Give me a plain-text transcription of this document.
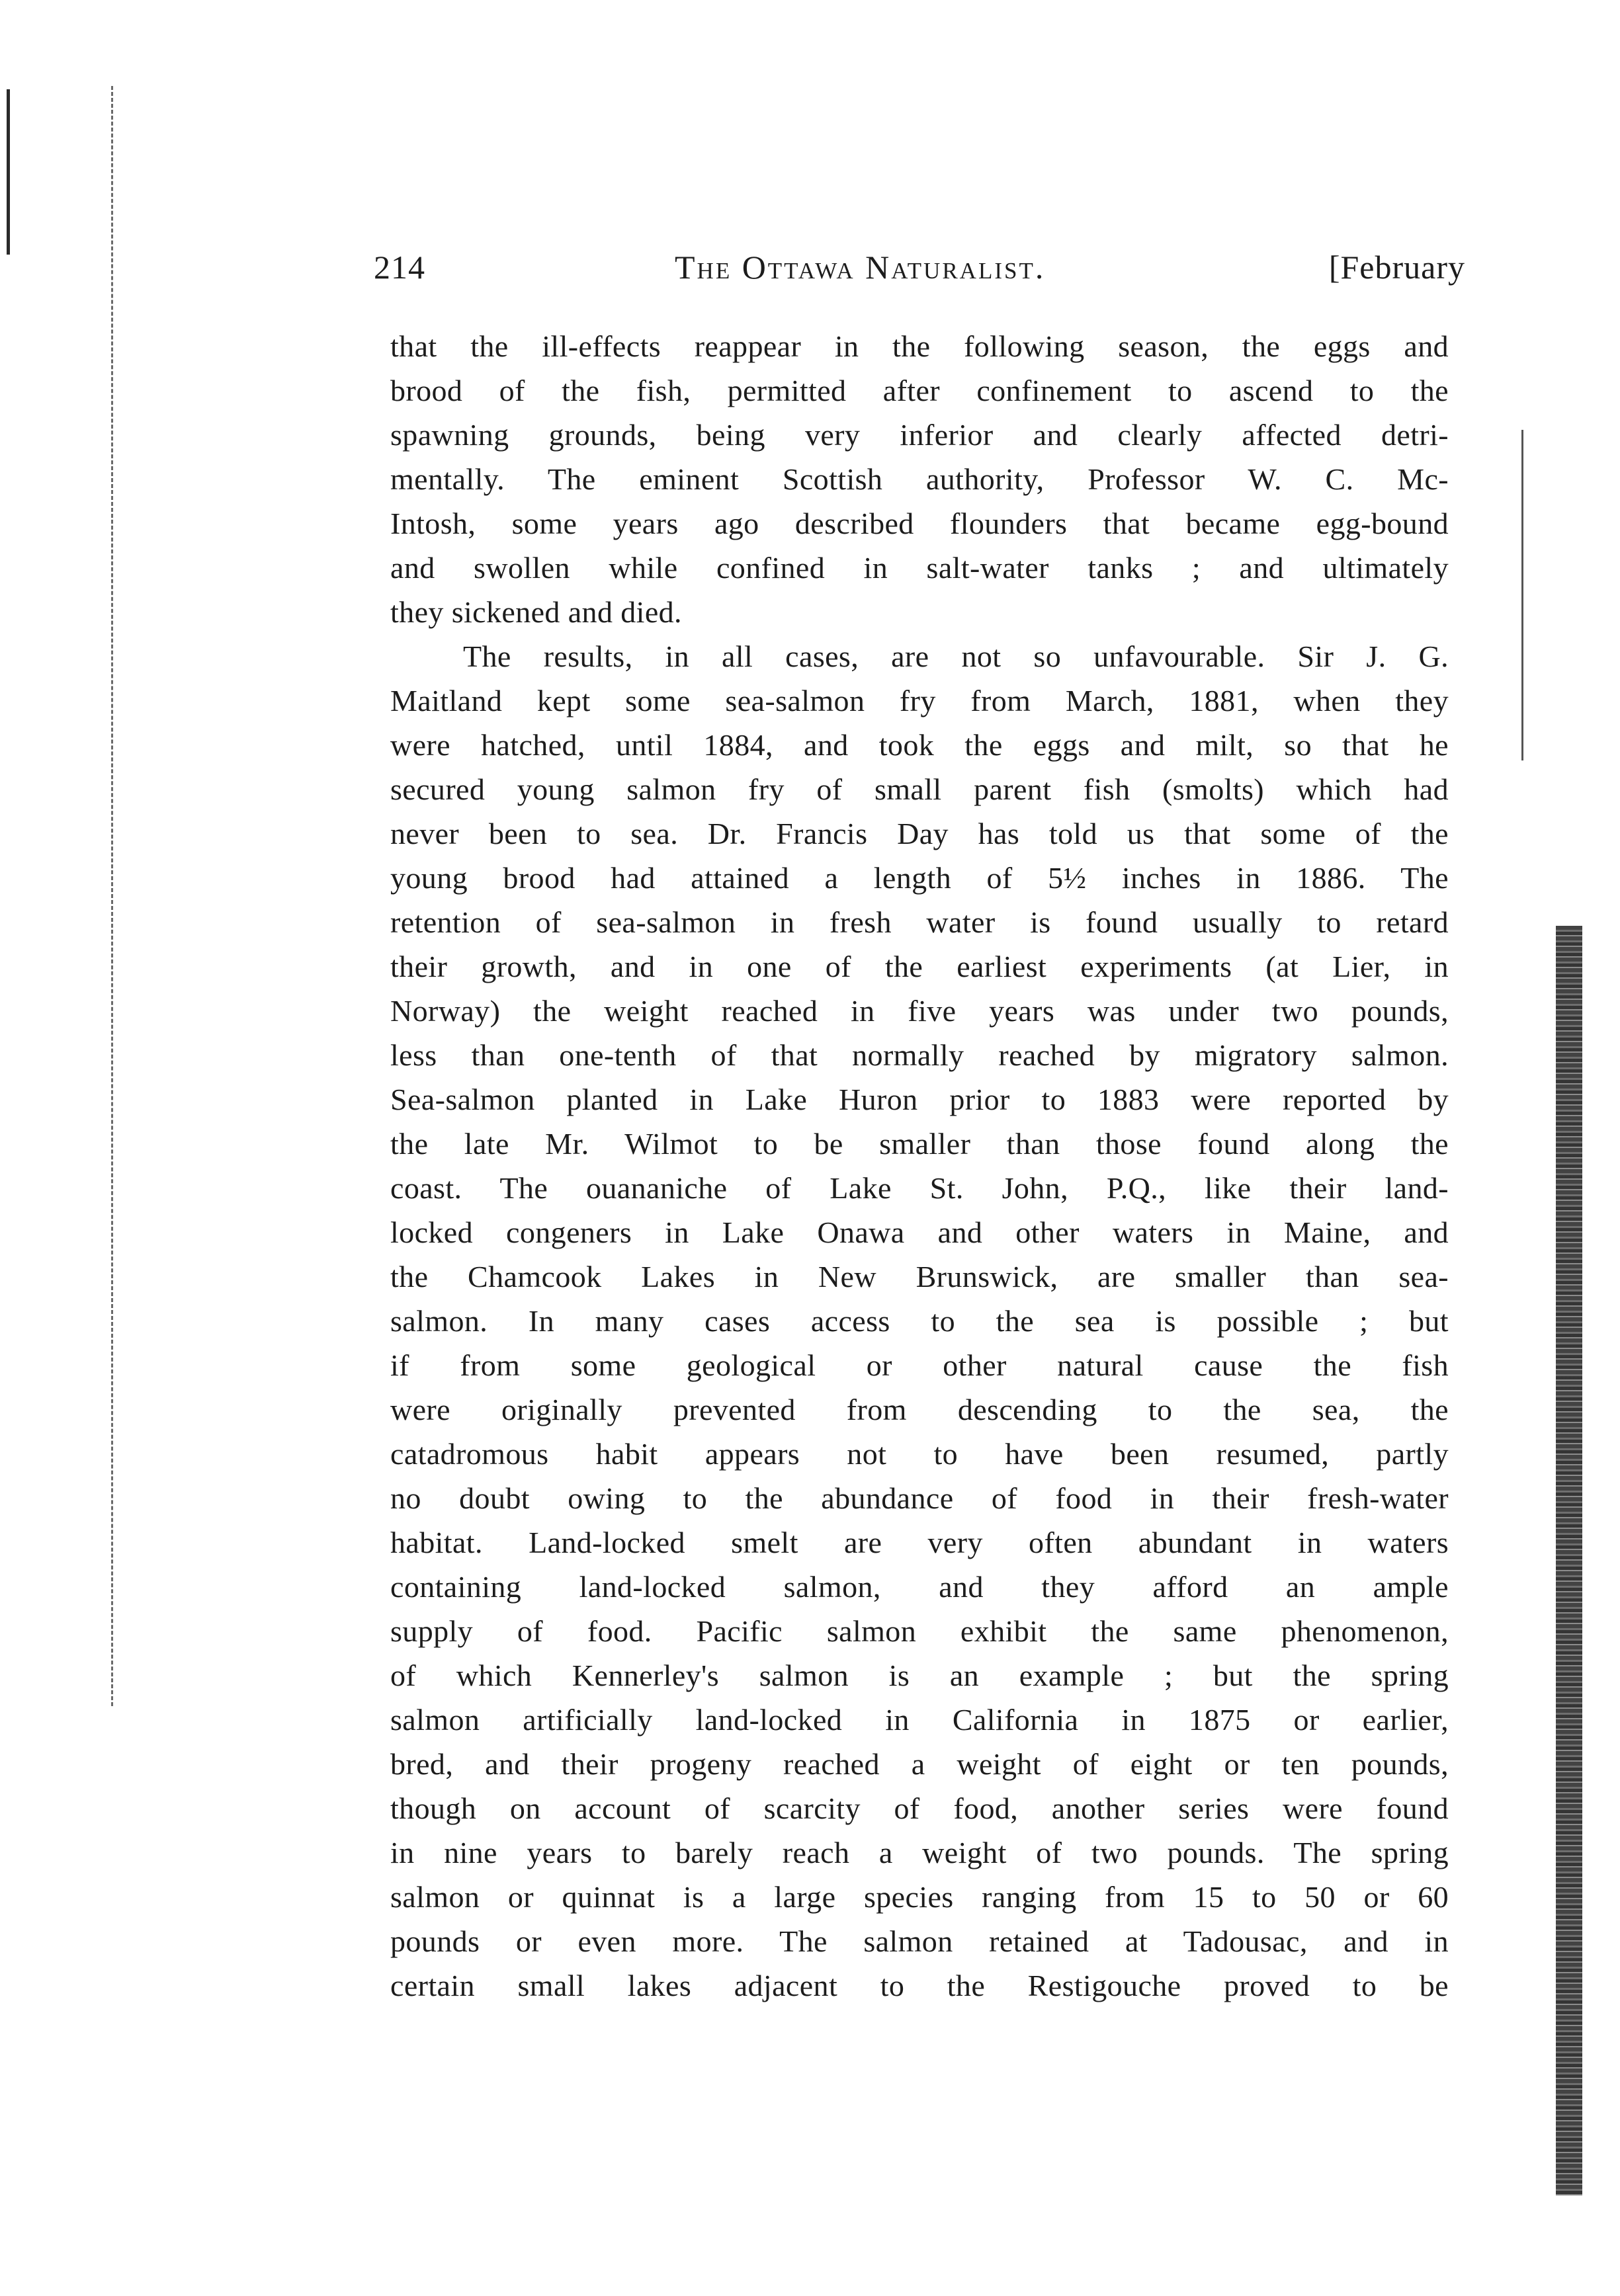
214	The Ottawa Naturalist.	[February
that the ill-effects reappear in the following season, the eggs and
brood of the fish, permitted after confinement to ascend to the
spawning grounds, being very inferior and clearly affected detri-
mentally. The eminent Scottish authority, Professor W. C. Mc-
Intosh, some years ago described flounders that became egg-bound
and swollen while confined in salt-water tanks ; and ultimately
they sickened and died.
The results, in all cases, are not so unfavourable. Sir J. G.
Maitland kept some sea-salmon fry from March, 1881, when they
were hatched, until 1884, and took the eggs and milt, so that he
secured young salmon fry of small parent fish (smolts) which had
never been to sea. Dr. Francis Day has told us that some of the
young brood had attained a length of 5½ inches in 1886. The
retention of sea-salmon in fresh water is found usually to retard
their growth, and in one of the earliest experiments (at Lier, in
Norway) the weight reached in five years was under two pounds,
less than one-tenth of that normally reached by migratory salmon.
Sea-salmon planted in Lake Huron prior to 1883 were reported by
the late Mr. Wilmot to be smaller than those found along the
coast. The ouananiche of Lake St. John, P.Q., like their land-
locked congeners in Lake Onawa and other waters in Maine, and
the Chamcook Lakes in New Brunswick, are smaller than sea-
salmon. In many cases access to the sea is possible ; but
if from some geological or other natural cause the fish
were originally prevented from descending to the sea, the
catadromous habit appears not to have been resumed, partly
no doubt owing to the abundance of food in their fresh-water
habitat. Land-locked smelt are very often abundant in waters
containing land-locked salmon, and they afford an ample
supply of food. Pacific salmon exhibit the same phenomenon,
of which Kennerley's salmon is an example ; but the spring
salmon artificially land-locked in California in 1875 or earlier,
bred, and their progeny reached a weight of eight or ten pounds,
though on account of scarcity of food, another series were found
in nine years to barely reach a weight of two pounds. The spring
salmon or quinnat is a large species ranging from 15 to 50 or 60
pounds or even more. The salmon retained at Tadousac, and in
certain small lakes adjacent to the Restigouche proved to be
